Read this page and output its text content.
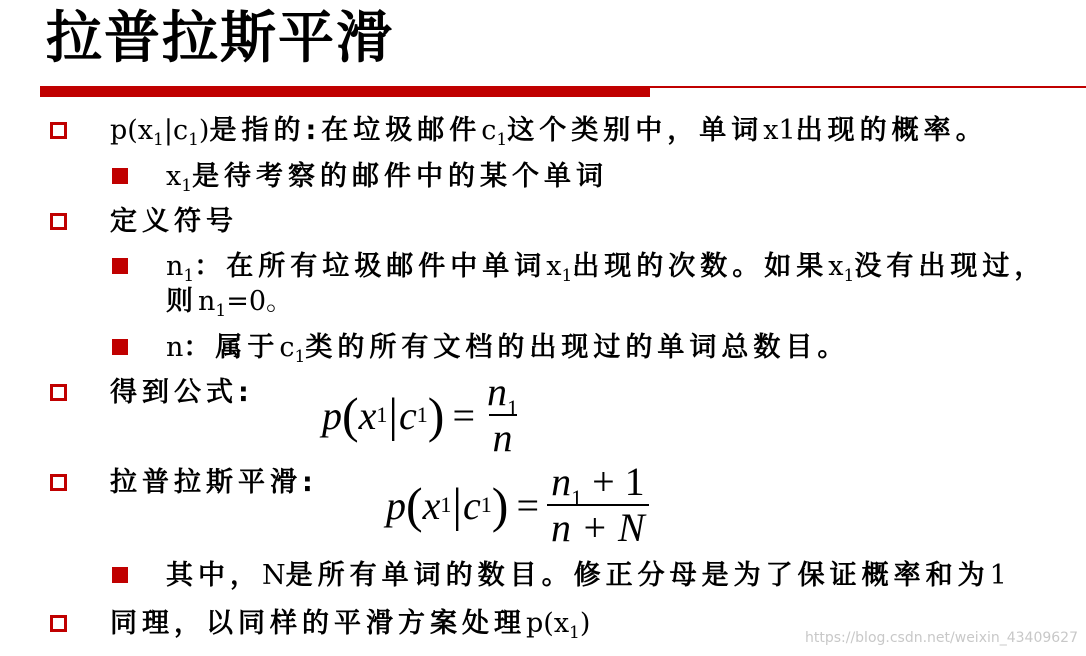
拉普拉斯平滑
$p(x_1|c_1)$是指的:在垃圾邮件$c_1$这个类别中，单词x1出现的概率。
$x_1$是待考察的邮件中的某个单词
定义符号
$n_1$：在所有垃圾邮件中单词$x_1$出现的次数。如果$x_1$没有出现过，
则$n_1=0$。
n：属于$c_1$类的所有文档的出现过的单词总数目。
得到公式: p ( x 1 | c 1 ) = $\frac{n_1}{n}$
拉普拉斯平滑: p ( x 1 | c 1 ) = $\frac{n_1 + 1}{n + N}$
其中，N是所有单词的数目。修正分母是为了保证概率和为1
同理，以同样的平滑方案处理$p(x_1)$	https://blog.csdn.net/weixin_43409627
